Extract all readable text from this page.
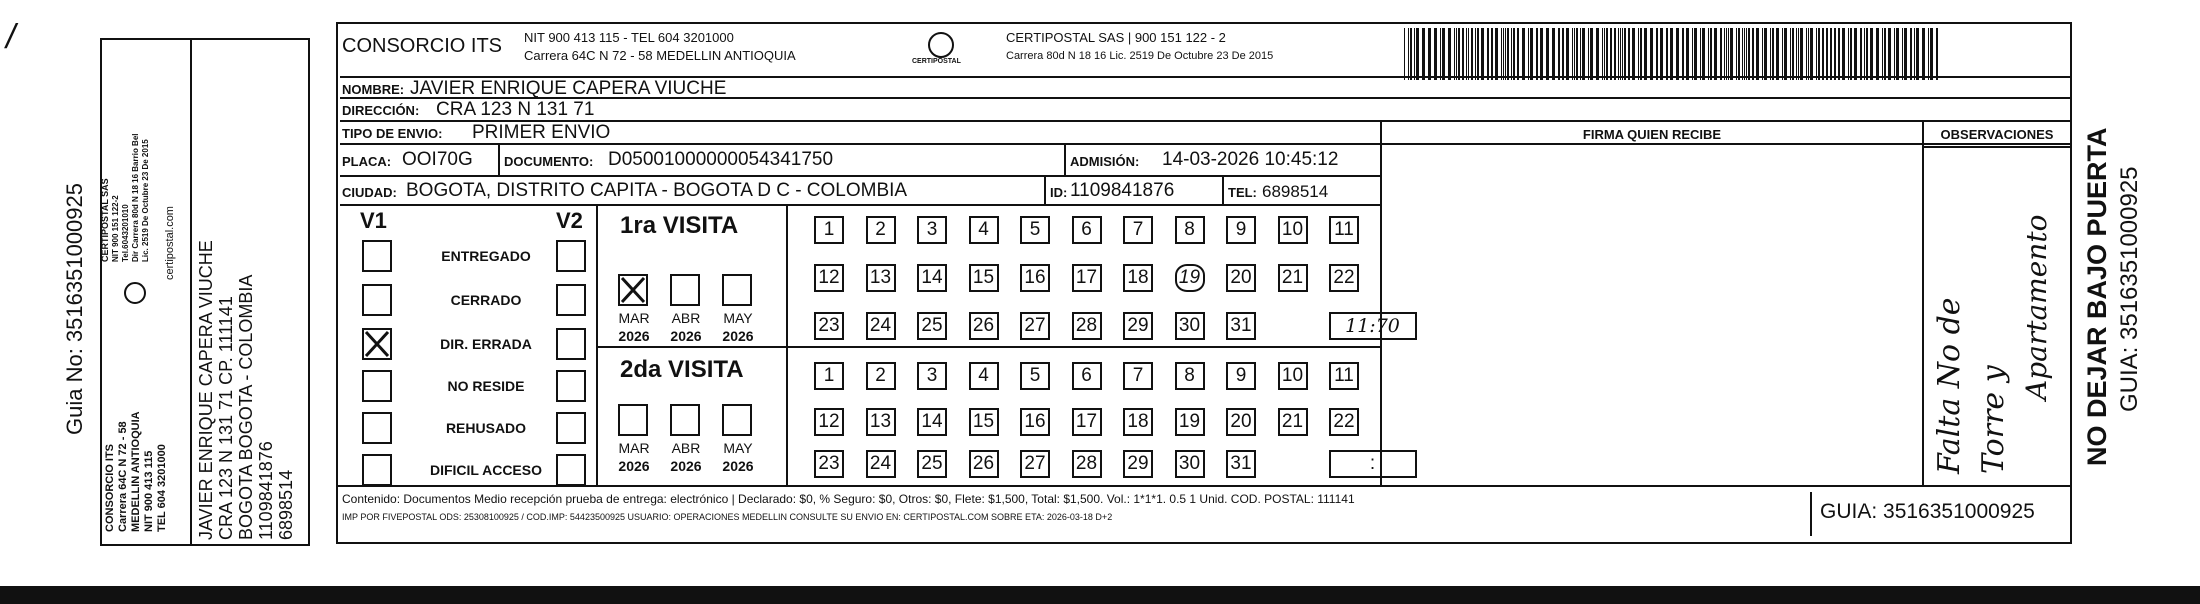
/
Guia No: 3516351000925
CONSORCIO ITS Carrera 64C N 72 - 58 MEDELLIN ANTIOQUIA NIT 900 413 115 TEL 604 3201000
CERTIPOSTAL SAS NIT 900 151 122-2 Tel.6043201010 Dir Carrera 80d N 18 16 Barrio Bel Lic. 2519 De Octubre 23 De 2015 certipostal.com JAVIER ENRIQUE CAPERA VIUCHE CRA 123 N 131 71 CP. 111141 BOGOTA BOGOTA - COLOMBIA 1109841876 6898514
CONSORCIO ITS NIT 900 413 115 - TEL 604 3201000
Carrera 64C N 72 - 58 MEDELLIN ANTIOQUIA	CERTIPOSTAL
CERTIPOSTAL SAS | 900 151 122 - 2
Carrera 80d N 18 16 Lic. 2519 De Octubre 23 De 2015
NOMBRE: JAVIER ENRIQUE CAPERA VIUCHE
DIRECCIÓN: CRA 123 N 131 71
TIPO DE ENVIO: PRIMER ENVIO	FIRMA QUIEN RECIBE	OBSERVACIONES
PLACA: OOI70G DOCUMENTO: D05001000000054341750	ADMISIÓN: 14-03-2026 10:45:12
CIUDAD: BOGOTA, DISTRITO CAPITA - BOGOTA D C - COLOMBIA	ID: 1109841876	TEL: 6898514
V1	V2
ENTREGADO
CERRADO
DIR. ERRADA
NO RESIDE
REHUSADO
DIFICIL ACCESO
1ra VISITA
2da VISITA
MAR
2026
ABR
2026
MAY
2026
MAR
2026
ABR
2026
MAY
2026
1	2	3	4	5	6	7	8	9	10 11
12 13 14 15 16 17 18 19 20 21 22
23 24 25 26 27 28 29 30 31	11:70
1	2	3	4	5	6	7	8	9	10 11
12 13 14 15 16 17 18 19 20 21 22
23 24 25 26 27 28 29 30 31	:	Falta No de Torre y
Apartamento
Contenido: Documentos Medio recepción prueba de entrega: electrónico | Declarado: $0, % Seguro: $0, Otros: $0, Flete: $1,500, Total: $1,500. Vol.: 1*1*1. 0.5 1 Unid. COD. POSTAL: 111141
IMP POR FIVEPOSTAL ODS: 25308100925 / COD.IMP: 54423500925 USUARIO: OPERACIONES MEDELLIN CONSULTE SU ENVIO EN: CERTIPOSTAL.COM SOBRE ETA: 2026-03-18 D+2	GUIA: 3516351000925
NO DEJAR BAJO PUERTA GUIA: 3516351000925
